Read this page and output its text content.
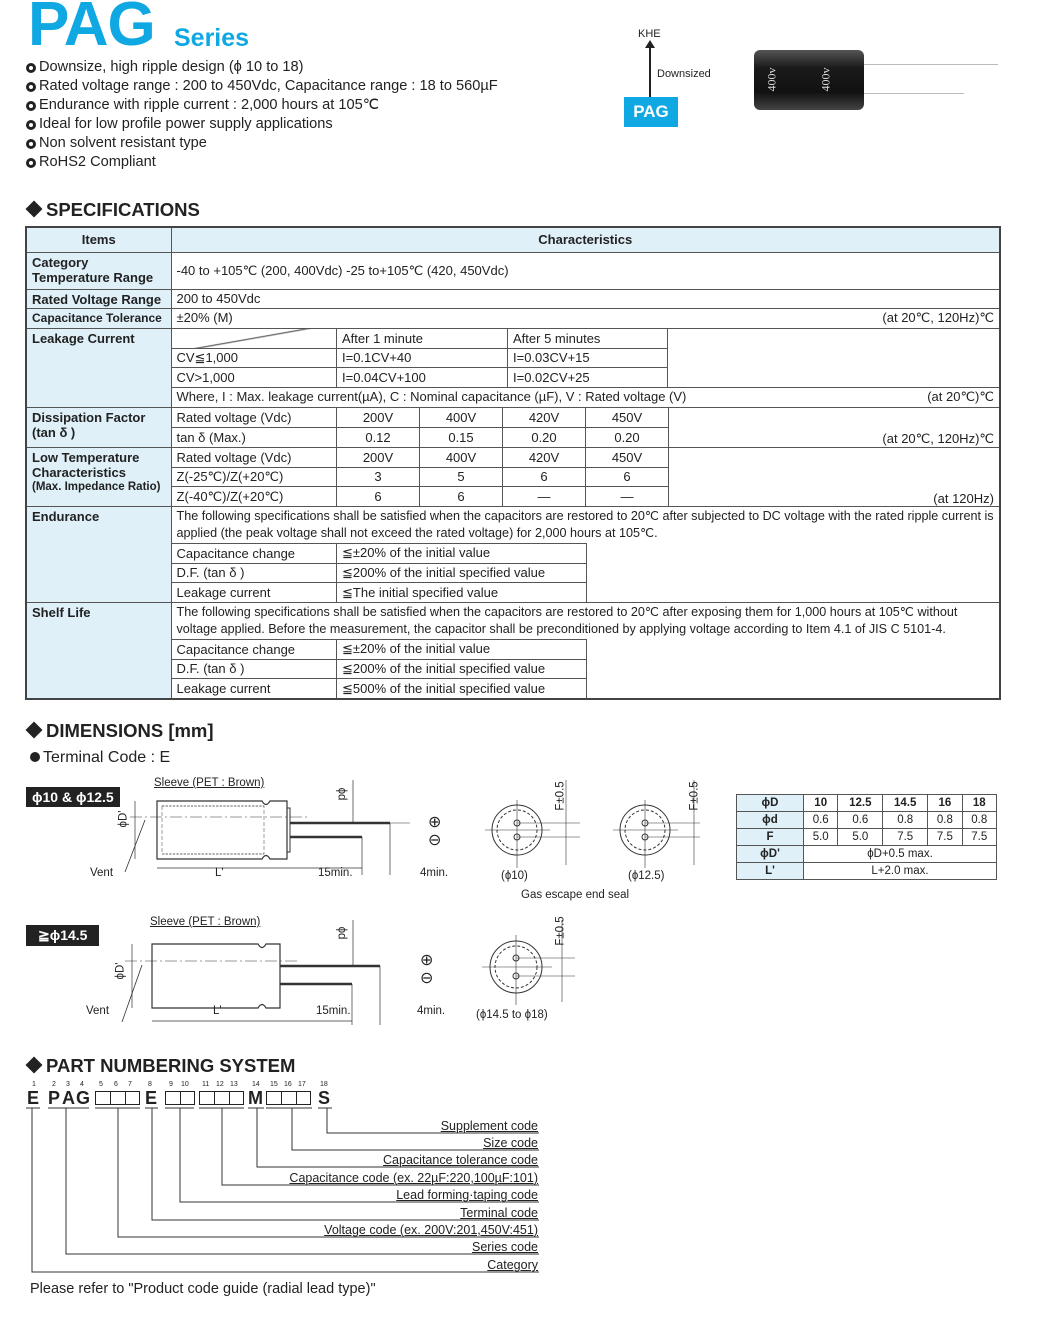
PAG Series
Downsize, high ripple design (ϕ 10 to 18)
Rated voltage range : 200 to 450Vdc, Capacitance range : 18 to 560µF
Endurance with ripple current : 2,000 hours at 105℃
Ideal for low profile power supply applications
Non solvent resistant type
RoHS2 Compliant
KHE
Downsized
PAG
400v	400v
SPECIFICATIONS
Items	Characteristics
Category Temperature Range	-40 to +105℃ (200, 400Vdc) -25 to+105℃ (420, 450Vdc)
Rated Voltage Range	200 to 450Vdc
Capacitance Tolerance	±20% (M)	(at 20℃, 120Hz)℃

Leakage Current	
		After 1 minute	After 5 minutes	
CV≦1,000	I=0.1CV+40	I=0.03CV+15	
CV>1,000	I=0.04CV+100	I=0.02CV+25	
Where, I : Max. leakage current(µA), C : Nominal capacitance (µF), V : Rated voltage (V)	(at 20℃)℃

Dissipation Factor (tan δ )	
Rated voltage (Vdc)	200V	400V	420V	450V	(at 20℃, 120Hz)℃
tan δ (Max.)	0.12	0.15	0.20	0.20

Low Temperature Characteristics
(Max. Impedance Ratio)

Rated voltage (Vdc)	200V	400V	420V	450V	(at 120Hz)
Z(-25℃)/Z(+20℃)	3	5	6	6
Z(-40℃)/Z(+20℃)	6	6	—	—

Endurance	The following specifications shall be satisfied when the capacitors are restored to 20℃ after subjected to DC voltage with the rated ripple current is applied (the peak voltage shall not exceed the rated voltage) for 2,000 hours at 105℃.
Capacitance change	≦±20% of the initial value
D.F. (tan δ )	≦200% of the initial specified value
Leakage current	≦The initial specified value

Shelf Life	The following specifications shall be satisfied when the capacitors are restored to 20℃ after exposing them for 1,000 hours at 105℃ without voltage applied. Before the measurement, the capacitor shall be preconditioned by applying voltage according to Item 4.1 of JIS C 5101-4.
Capacitance change	≦±20% of the initial value
D.F. (tan δ )	≦200% of the initial specified value
Leakage current	≦500% of the initial specified value
DIMENSIONS [mm]
Terminal Code : E
ϕ10 & ϕ12.5
Sleeve (PET : Brown)
ϕD'
ϕd
⊕
⊖
Vent	L'	15min.	4min.
F±0.5	F±0.5
(ϕ10)	(ϕ12.5)
Gas escape end seal
ϕD	10	12.5	14.5	16	18
ϕd	0.6	0.6	0.8	0.8	0.8
F	5.0	5.0	7.5	7.5	7.5
ϕD'	ϕD+0.5 max.				
L'	L+2.0 max.				
≧ϕ14.5
Sleeve (PET : Brown)
ϕD'
ϕd
⊕
⊖
Vent	L'	15min.	4min.
F±0.5
(ϕ14.5 to ϕ18)
PART NUMBERING SYSTEM
1 2 3 4 5 6 7 8 9 10 11 12 13 14 15 16 17 18
E P A G	E	M	S
Supplement code
Size code
Capacitance tolerance code
Capacitance code (ex. 22µF:220,100µF:101)
Lead forming·taping code
Terminal code
Voltage code (ex. 200V:201,450V:451)
Series code
Category
Please refer to "Product code guide (radial lead type)"
